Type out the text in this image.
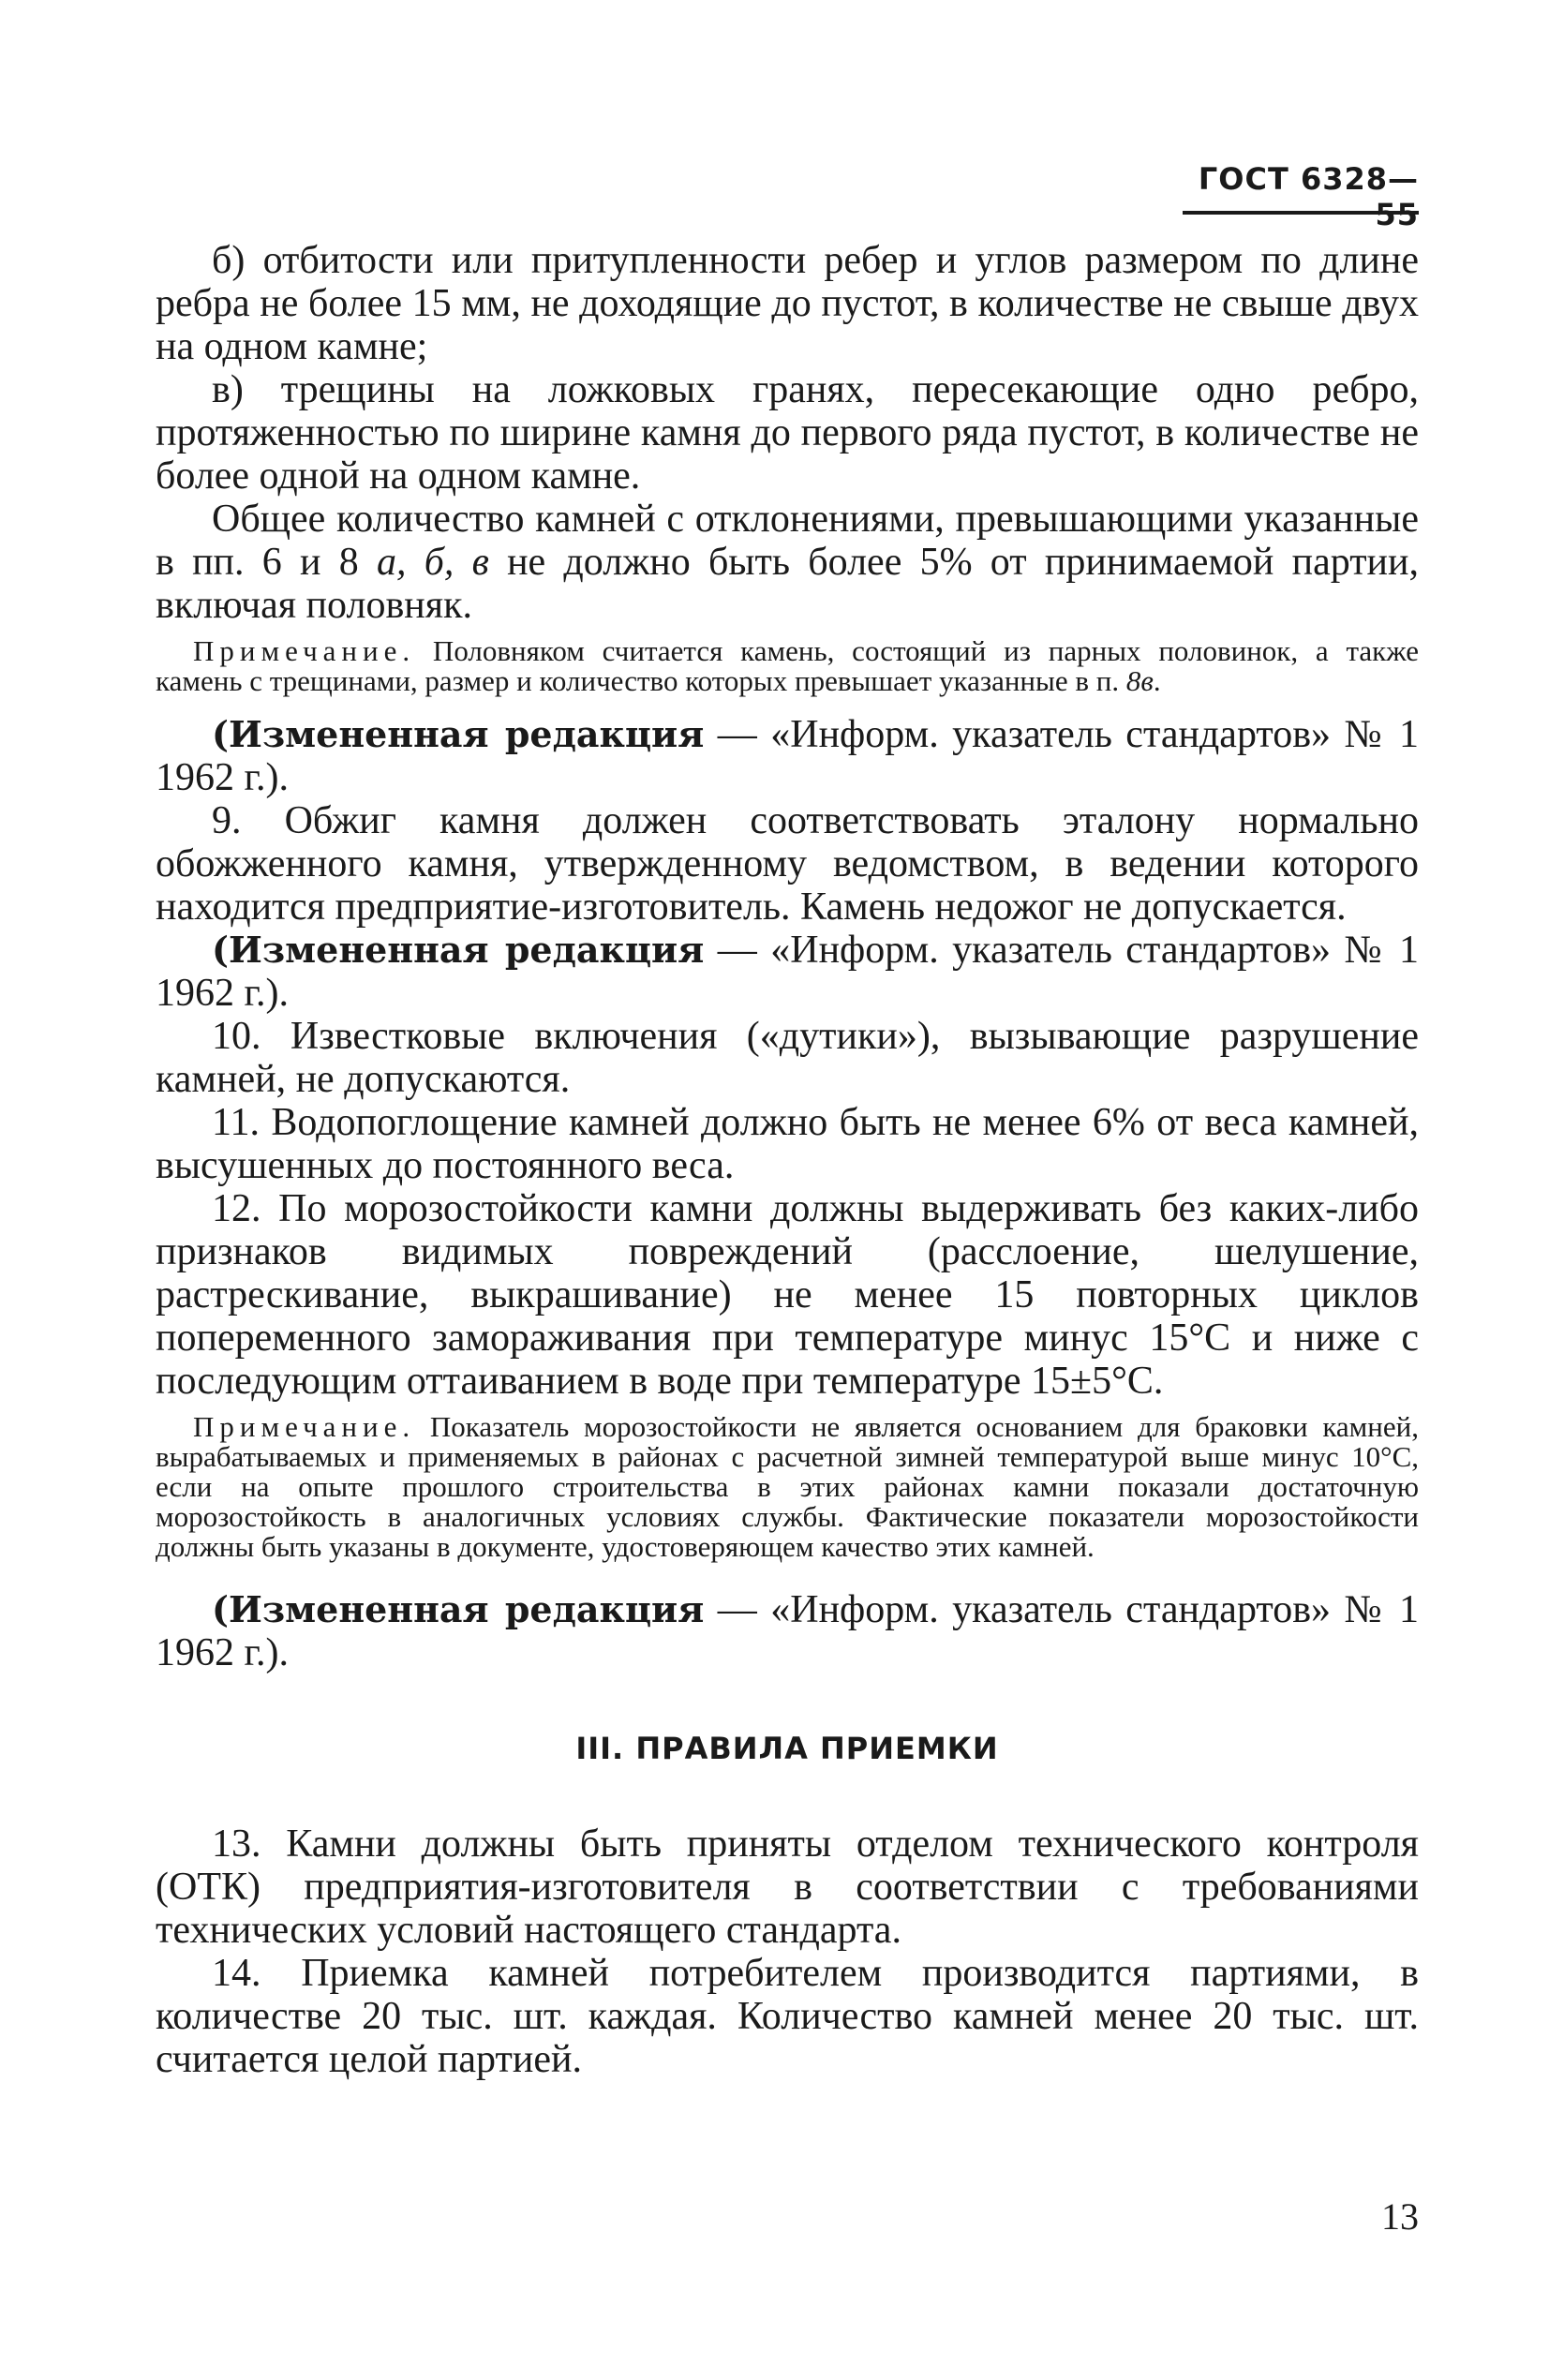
ГОСТ 6328—55

б) отбитости или притупленности ребер и углов размером по длине ребра не более 15 мм, не доходящие до пустот, в количестве не свыше двух на одном камне;

в) трещины на ложковых гранях, пересекающие одно ребро, протяженностью по ширине камня до первого ряда пустот, в количестве не более одной на одном камне.

Общее количество камней с отклонениями, превышающими указанные в пп. 6 и 8 а, б, в не должно быть более 5% от принимаемой партии, включая половняк.

Примечание. Половняком считается камень, состоящий из парных половинок, а также камень с трещинами, размер и количество которых превышает указанные в п. 8в.

(Измененная редакция — «Информ. указатель стандартов» № 1 1962 г.).

9. Обжиг камня должен соответствовать эталону нормально обожженного камня, утвержденному ведомством, в ведении которого находится предприятие-изготовитель. Камень недожог не допускается.

(Измененная редакция — «Информ. указатель стандартов» № 1 1962 г.).

10. Известковые включения («дутики»), вызывающие разрушение камней, не допускаются.

11. Водопоглощение камней должно быть не менее 6% от веса камней, высушенных до постоянного веса.

12. По морозостойкости камни должны выдерживать без каких-либо признаков видимых повреждений (расслоение, шелушение, растрескивание, выкрашивание) не менее 15 повторных циклов попеременного замораживания при температуре минус 15°С и ниже с последующим оттаиванием в воде при температуре 15±5°С.

Примечание. Показатель морозостойкости не является основанием для браковки камней, вырабатываемых и применяемых в районах с расчетной зимней температурой выше минус 10°С, если на опыте прошлого строительства в этих районах камни показали достаточную морозостойкость в аналогичных условиях службы. Фактические показатели морозостойкости должны быть указаны в документе, удостоверяющем качество этих камней.

(Измененная редакция — «Информ. указатель стандартов» № 1 1962 г.).

III. ПРАВИЛА ПРИЕМКИ

13. Камни должны быть приняты отделом технического контроля (ОТК) предприятия-изготовителя в соответствии с требованиями технических условий настоящего стандарта.

14. Приемка камней потребителем производится партиями, в количестве 20 тыс. шт. каждая. Количество камней менее 20 тыс. шт. считается целой партией.

13
